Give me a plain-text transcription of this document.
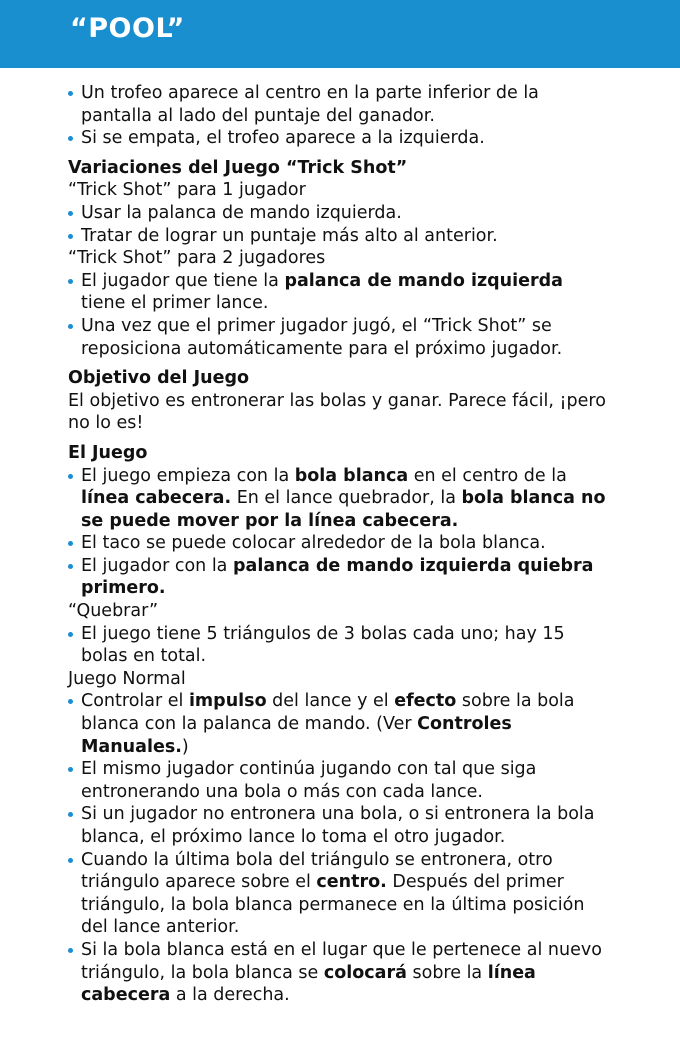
“POOL”

Un trofeo aparece al centro en la parte inferior de la pantalla al lado del puntaje del ganador.

Si se empata, el trofeo aparece a la izquierda.

Variaciones del Juego “Trick Shot”

“Trick Shot” para 1 jugador

Usar la palanca de mando izquierda.

Tratar de lograr un puntaje más alto al anterior.

“Trick Shot” para 2 jugadores

El jugador que tiene la palanca de mando izquierda tiene el primer lance.

Una vez que el primer jugador jugó, el “Trick Shot” se reposiciona automáticamente para el próximo jugador.

Objetivo del Juego

El objetivo es entronerar las bolas y ganar. Parece fácil, ¡pero no lo es!

El Juego

El juego empieza con la bola blanca en el centro de la línea cabecera. En el lance quebrador, la bola blanca no se puede mover por la línea cabecera.

El taco se puede colocar alrededor de la bola blanca.

El jugador con la palanca de mando izquierda quiebra primero.

“Quebrar”

El juego tiene 5 triángulos de 3 bolas cada uno; hay 15 bolas en total.

Juego Normal

Controlar el impulso del lance y el efecto sobre la bola blanca con la palanca de mando. (Ver Controles Manuales.)

El mismo jugador continúa jugando con tal que siga entronerando una bola o más con cada lance.

Si un jugador no entronera una bola, o si entronera la bola blanca, el próximo lance lo toma el otro jugador.

Cuando la última bola del triángulo se entronera, otro triángulo aparece sobre el centro. Después del primer triángulo, la bola blanca permanece en la última posición del lance anterior.

Si la bola blanca está en el lugar que le pertenece al nuevo triángulo, la bola blanca se colocará sobre la línea cabecera a la derecha.
